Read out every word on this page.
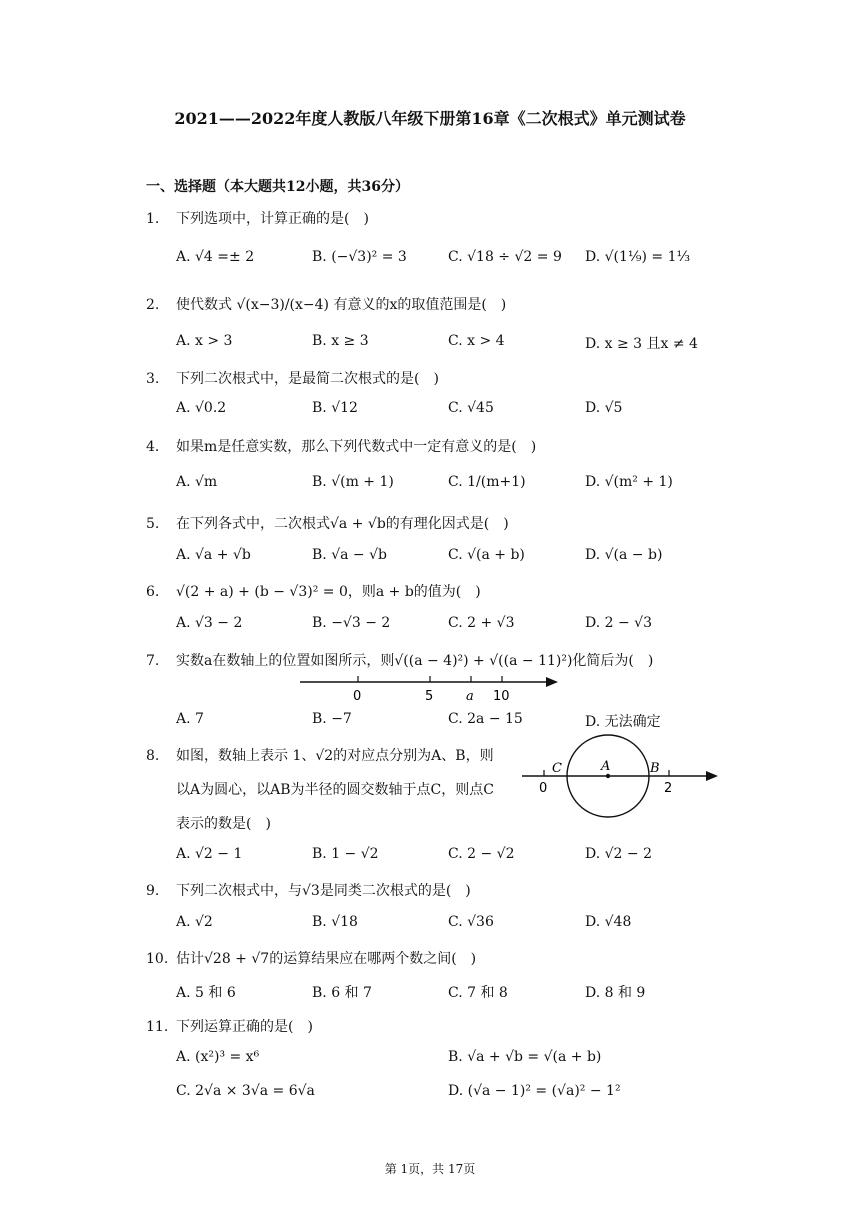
2021——2022年度人教版八年级下册第16章《二次根式》单元测试卷
一、选择题（本大题共12小题，共36分）
1. 下列选项中，计算正确的是(　)
A. √4 =± 2	B. (−√3)² = 3	C. √18 ÷ √2 = 9 D. √(1⅑) = 1⅓
2. 使代数式 √(x−3)/(x−4) 有意义的x的取值范围是(　)
A. x > 3	B. x ≥ 3	C. x > 4	D. x ≥ 3 且x ≠ 4
3. 下列二次根式中，是最简二次根式的是(　)
A. √0.2	B. √12	C. √45	D. √5
4. 如果m是任意实数，那么下列代数式中一定有意义的是(　)
A. √m	B. √(m + 1)	C. 1/(m+1)	D. √(m² + 1)
5. 在下列各式中，二次根式√a + √b的有理化因式是(　)
A. √a + √b	B. √a − √b	C. √(a + b)	D. √(a − b)
6. √(2 + a) + (b − √3)² = 0，则a + b的值为(　)
A. √3 − 2	B. −√3 − 2	C. 2 + √3	D. 2 − √3
7. 实数a在数轴上的位置如图所示，则√((a − 4)²) + √((a − 11)²)化简后为(　)
0	5	a 10
A. 7	B. −7	C. 2a − 15	D. 无法确定
8. 如图，数轴上表示 1、√2的对应点分别为A、B，则
以A为圆心，以AB为半径的圆交数轴于点C，则点C
表示的数是(　)
C	A	B
0	2
A. √2 − 1	B. 1 − √2	C. 2 − √2	D. √2 − 2
9. 下列二次根式中，与√3是同类二次根式的是(　)
A. √2	B. √18	C. √36	D. √48
10. 估计√28 + √7的运算结果应在哪两个数之间(　)
A. 5 和 6	B. 6 和 7	C. 7 和 8	D. 8 和 9
11. 下列运算正确的是(　)
A. (x²)³ = x⁶	B. √a + √b = √(a + b)
C. 2√a × 3√a = 6√a	D. (√a − 1)² = (√a)² − 1²
第 1页，共 17页
